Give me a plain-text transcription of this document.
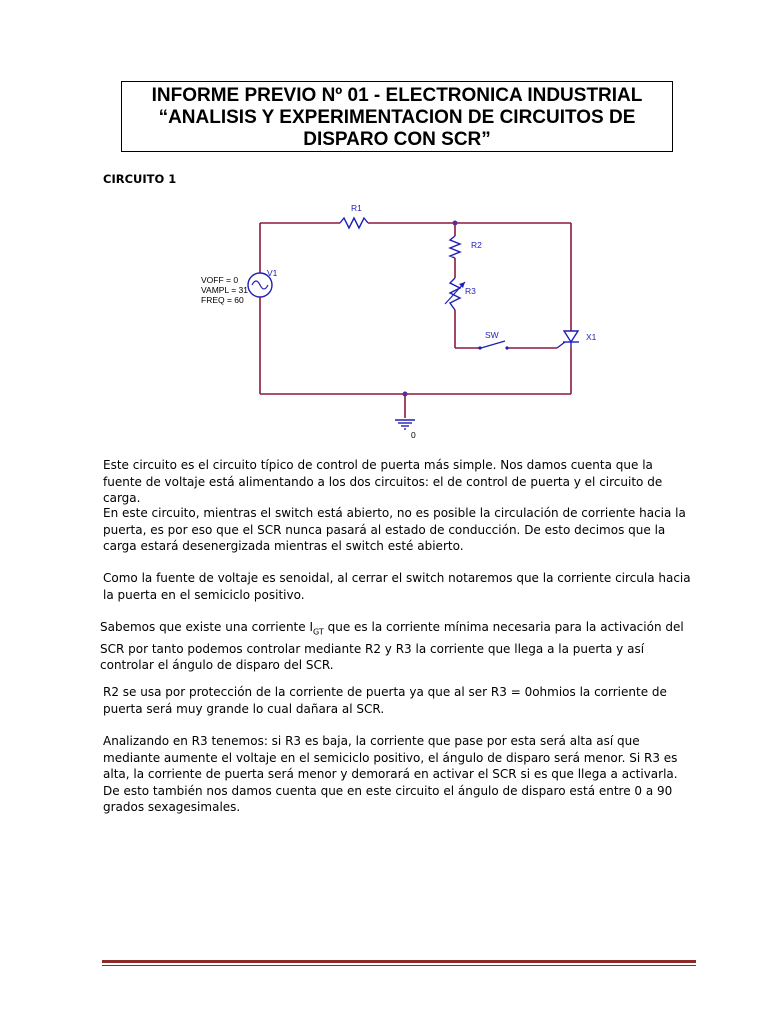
INFORME PREVIO Nº 01 - ELECTRONICA INDUSTRIAL
“ANALISIS Y EXPERIMENTACION DE CIRCUITOS DE
DISPARO CON SCR”
CIRCUITO 1
R1
R2
R3
V1
SW	X1
VOFF = 0
VAMPL = 31
FREQ = 60
0

Este circuito es el circuito típico de control de puerta más simple. Nos damos cuenta que la fuente de voltaje está alimentando a los dos circuitos: el de control de puerta y el circuito de carga.

En este circuito, mientras el switch está abierto, no es posible la circulación de corriente hacia la puerta, es por eso que el SCR nunca pasará al estado de conducción. De esto decimos que la carga estará desenergizada mientras el switch esté abierto.

Como la fuente de voltaje es senoidal, al cerrar el switch notaremos que la corriente circula hacia la puerta en el semiciclo positivo.

Sabemos que existe una corriente $I_{GT}$ que es la corriente mínima necesaria para la activación del SCR por tanto podemos controlar mediante R2 y R3 la corriente que llega a la puerta y así controlar el ángulo de disparo del SCR.

R2 se usa por protección de la corriente de puerta ya que al ser R3 = 0ohmios la corriente de puerta será muy grande lo cual dañara al SCR.

Analizando en R3 tenemos: si R3 es baja, la corriente que pase por esta será alta así que mediante aumente el voltaje en el semiciclo positivo, el ángulo de disparo será menor. Si R3 es alta, la corriente de puerta será menor y demorará en activar el SCR si es que llega a activarla. De esto también nos damos cuenta que en este circuito el ángulo de disparo está entre 0 a 90 grados sexagesimales.
